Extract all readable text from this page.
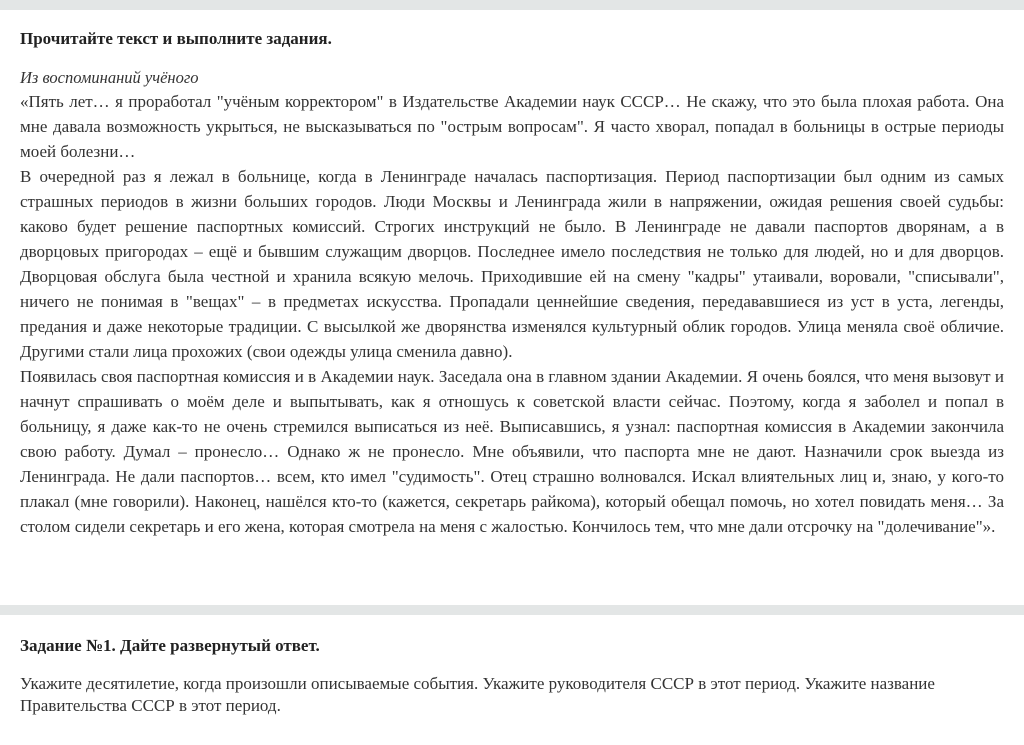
Прочитайте текст и выполните задания.

Из воспоминаний учёного

«Пять лет… я проработал "учёным корректором" в Издательстве Академии наук СССР… Не скажу, что это была плохая работа. Она мне давала возможность укрыться, не высказываться по "острым вопросам". Я часто хворал, попадал в больницы в острые периоды моей болезни…

В очередной раз я лежал в больнице, когда в Ленинграде началась паспортизация. Период паспортизации был одним из самых страшных периодов в жизни больших городов. Люди Москвы и Ленинграда жили в напряжении, ожидая решения своей судьбы: каково будет решение паспортных комиссий. Строгих инструкций не было. В Ленинграде не давали паспортов дворянам, а в дворцовых пригородах – ещё и бывшим служащим дворцов. Последнее имело последствия не только для людей, но и для дворцов. Дворцовая обслуга была честной и хранила всякую мелочь. Приходившие ей на смену "кадры" утаивали, воровали, "списывали", ничего не понимая в "вещах" – в предметах искусства. Пропадали ценнейшие сведения, передававшиеся из уст в уста, легенды, предания и даже некоторые традиции. С высылкой же дворянства изменялся культурный облик городов. Улица меняла своё обличие. Другими стали лица прохожих (свои одежды улица сменила давно).

Появилась своя паспортная комиссия и в Академии наук. Заседала она в главном здании Академии. Я очень боялся, что меня вызовут и начнут спрашивать о моём деле и выпытывать, как я отношусь к советской власти сейчас. Поэтому, когда я заболел и попал в больницу, я даже как-то не очень стремился выписаться из неё. Выписавшись, я узнал: паспортная комиссия в Академии закончила свою работу. Думал – пронесло… Однако ж не пронесло. Мне объявили, что паспорта мне не дают. Назначили срок выезда из Ленинграда. Не дали паспортов… всем, кто имел "судимость". Отец страшно волновался. Искал влиятельных лиц и, знаю, у кого-то плакал (мне говорили). Наконец, нашёлся кто-то (кажется, секретарь райкома), который обещал помочь, но хотел повидать меня… За столом сидели секретарь и его жена, которая смотрела на меня с жалостью. Кончилось тем, что мне дали отсрочку на "долечивание"».

Задание №1. Дайте развернутый ответ.

Укажите десятилетие, когда произошли описываемые события. Укажите руководителя СССР в этот период. Укажите название Правительства СССР в этот период.
